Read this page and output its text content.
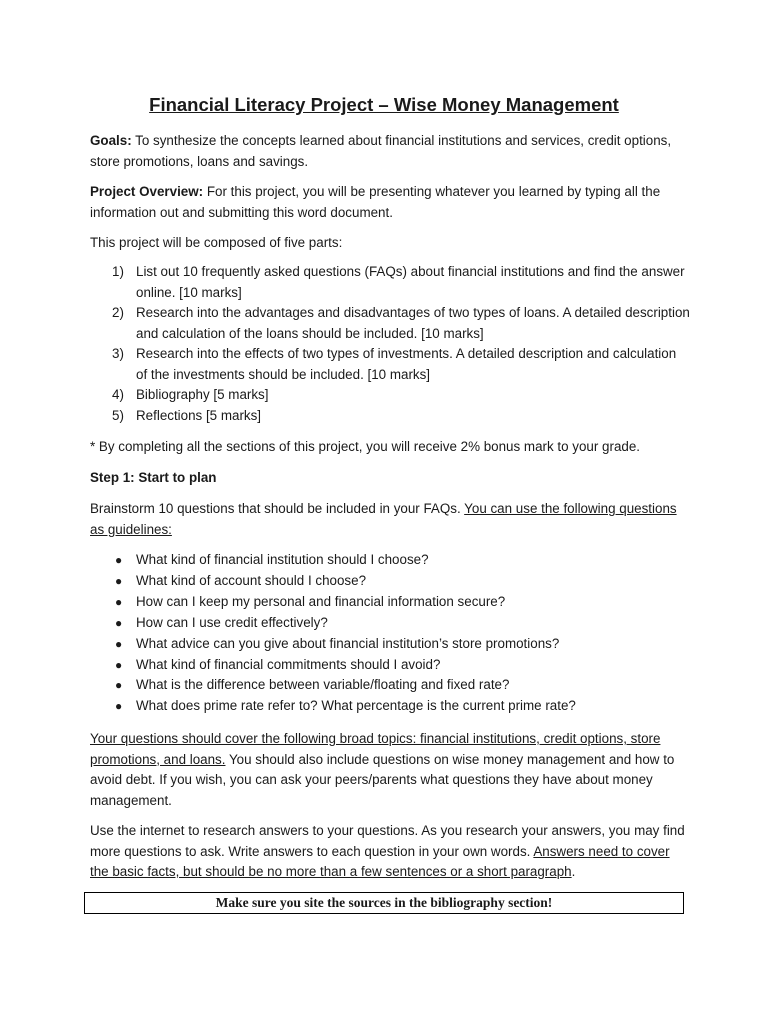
Financial Literacy Project – Wise Money Management

Goals: To synthesize the concepts learned about financial institutions and services, credit options, store promotions, loans and savings.

Project Overview: For this project, you will be presenting whatever you learned by typing all the information out and submitting this word document.

This project will be composed of five parts:

1) List out 10 frequently asked questions (FAQs) about financial institutions and find the answer online. [10 marks]
2) Research into the advantages and disadvantages of two types of loans. A detailed description and calculation of the loans should be included. [10 marks]
3) Research into the effects of two types of investments. A detailed description and calculation of the investments should be included. [10 marks]
4) Bibliography [5 marks]
5) Reflections [5 marks]

* By completing all the sections of this project, you will receive 2% bonus mark to your grade.

Step 1: Start to plan

Brainstorm 10 questions that should be included in your FAQs. You can use the following questions as guidelines:

● What kind of financial institution should I choose?
● What kind of account should I choose?
● How can I keep my personal and financial information secure?
● How can I use credit effectively?
● What advice can you give about financial institution’s store promotions?
● What kind of financial commitments should I avoid?
● What is the difference between variable/floating and fixed rate?
● What does prime rate refer to? What percentage is the current prime rate?

Your questions should cover the following broad topics: financial institutions, credit options, store promotions, and loans. You should also include questions on wise money management and how to avoid debt. If you wish, you can ask your peers/parents what questions they have about money management.

Use the internet to research answers to your questions. As you research your answers, you may find more questions to ask. Write answers to each question in your own words. Answers need to cover the basic facts, but should be no more than a few sentences or a short paragraph.

Make sure you site the sources in the bibliography section!
